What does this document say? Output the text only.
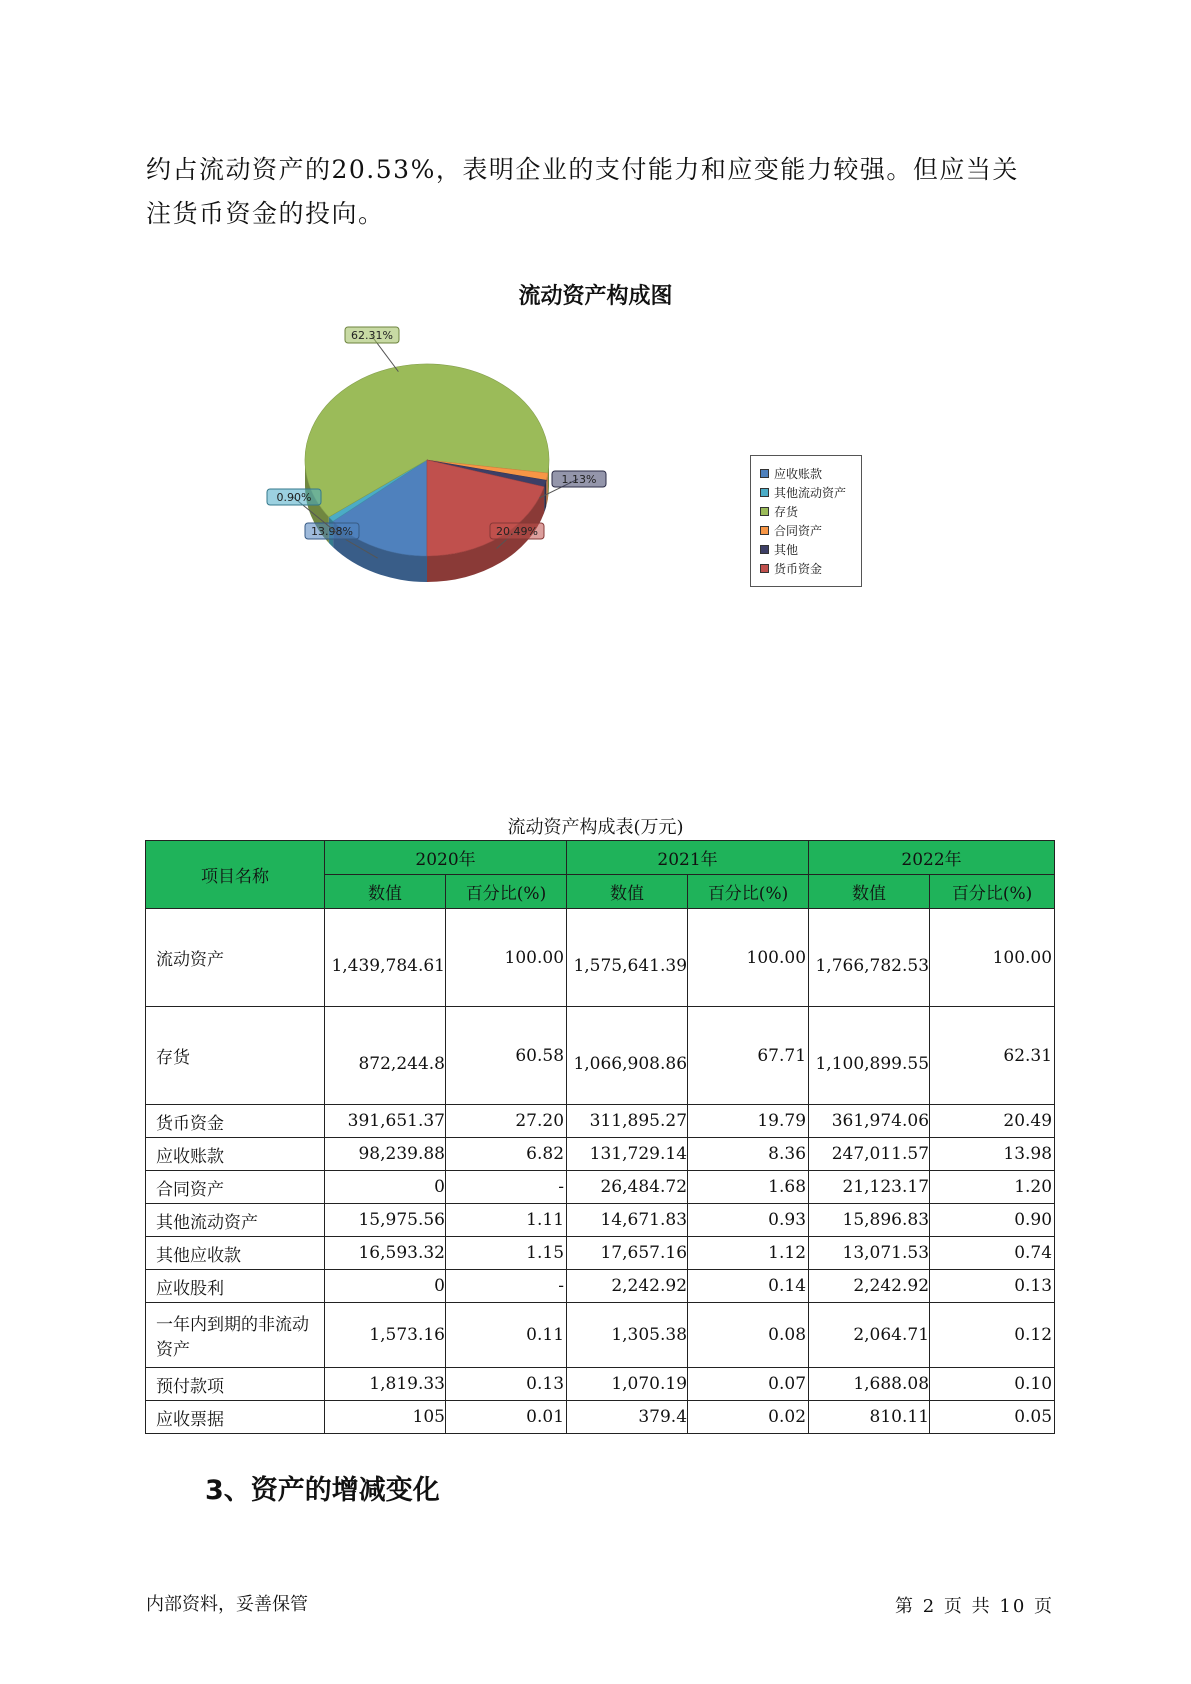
约占流动资产的20.53%，表明企业的支付能力和应变能力较强。但应当关
注货币资金的投向。

流动资产构成图
13.98%
0.90%
62.31%
1.13%
20.49%
应收账款
其他流动资产
存货
合同资产
其他
货币资金
流动资产构成表(万元)
项目名称	2020年		2021年		2022年	
	数值	百分比(%)	数值	百分比(%)	数值	百分比(%)
流动资产	1,439,784.61	100.00	1,575,641.39	100.00	1,766,782.53	100.00
存货	872,244.8	60.58	1,066,908.86	67.71	1,100,899.55	62.31
货币资金	391,651.37	27.20	311,895.27	19.79	361,974.06	20.49
应收账款	98,239.88	6.82	131,729.14	8.36	247,011.57	13.98
合同资产	0	-	26,484.72	1.68	21,123.17	1.20
其他流动资产	15,975.56	1.11	14,671.83	0.93	15,896.83	0.90
其他应收款	16,593.32	1.15	17,657.16	1.12	13,071.53	0.74
应收股利	0	-	2,242.92	0.14	2,242.92	0.13
一年内到期的非流动资产	1,573.16	0.11	1,305.38	0.08	2,064.71	0.12
预付款项	1,819.33	0.13	1,070.19	0.07	1,688.08	0.10
应收票据	105	0.01	379.4	0.02	810.11	0.05
3、资产的增减变化
内部资料，妥善保管	第 2 页 共 10 页
